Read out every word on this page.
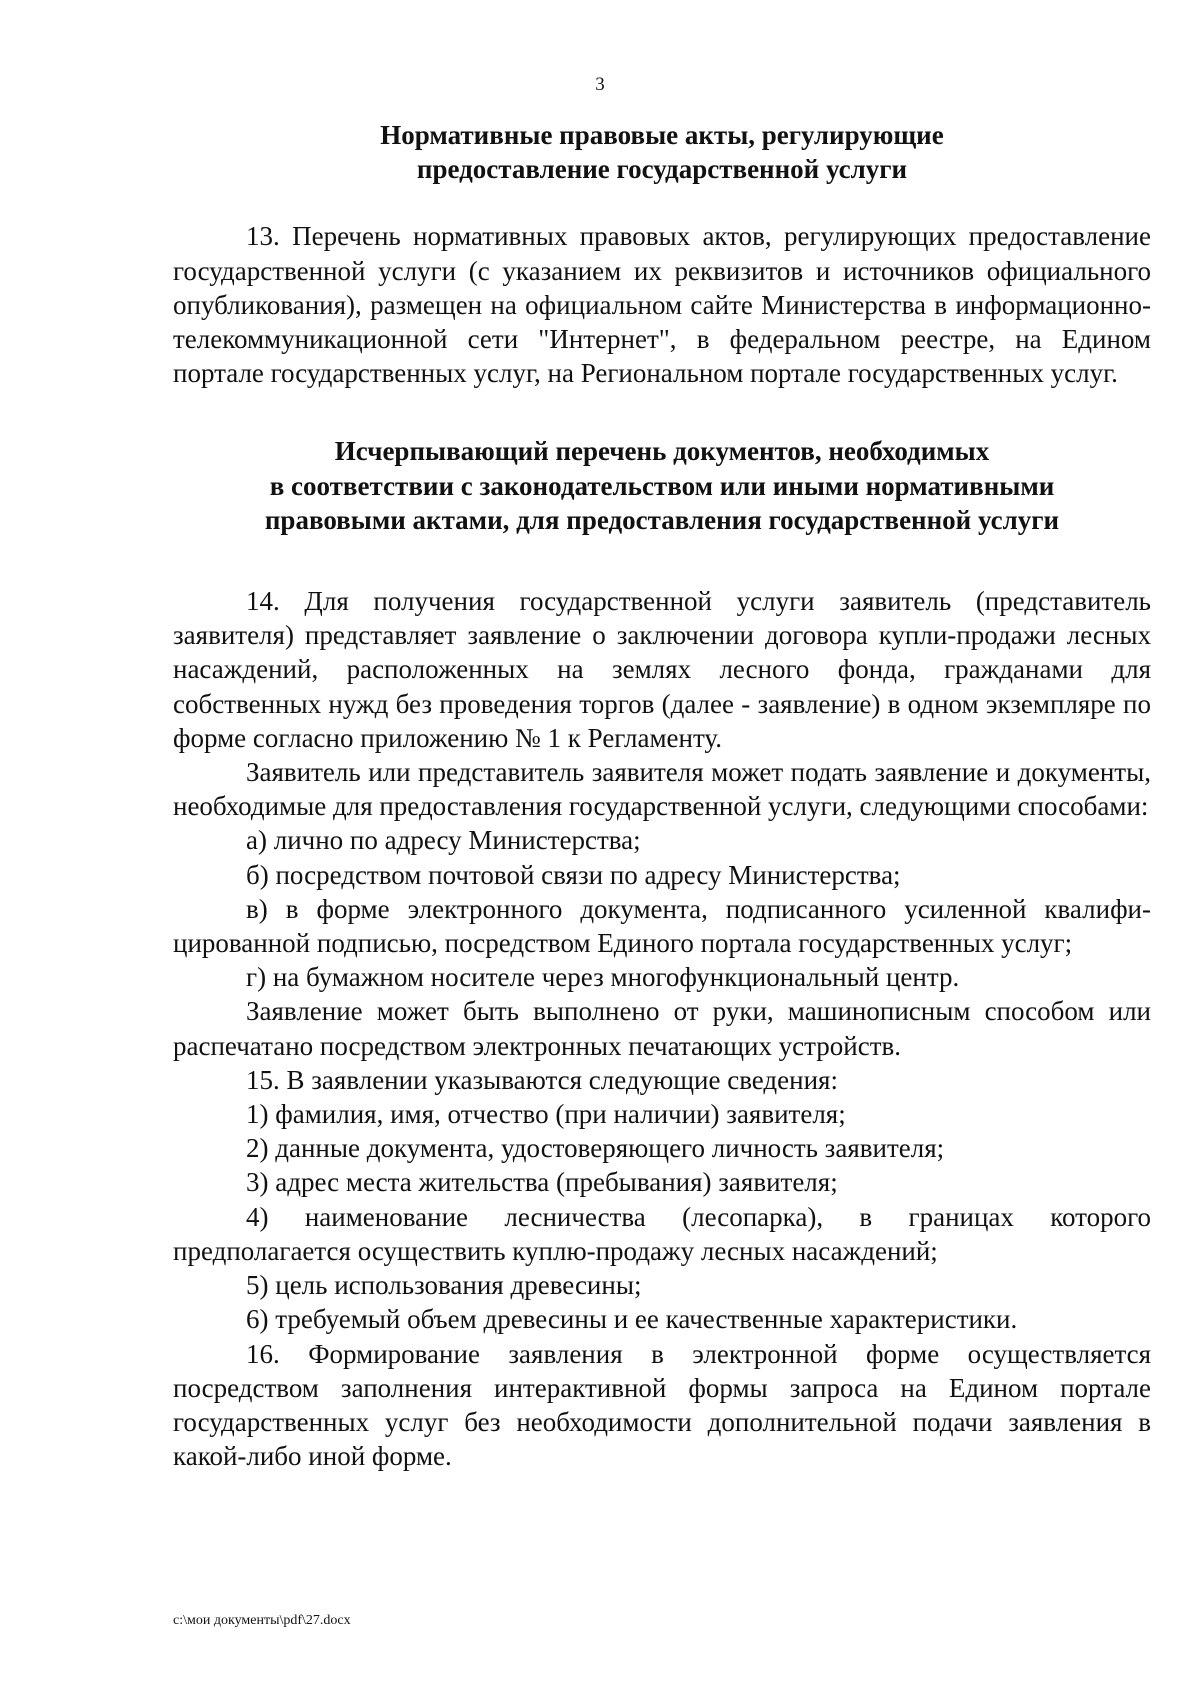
3
Нормативные правовые акты, регулирующие
предоставление государственной услуги

13. Перечень нормативных правовых актов, регулирующих предоставление государственной услуги (с указанием их реквизитов и источников официального опубликования), размещен на официальном сайте Министерства в информационно-телекоммуникационной сети "Интернет", в федеральном реестре, на Едином портале государственных услуг, на Региональном портале государственных услуг.

Исчерпывающий перечень документов, необходимых
в соответствии с законодательством или иными нормативными
правовыми актами, для предоставления государственной услуги

14. Для получения государственной услуги заявитель (представитель заявителя) представляет заявление о заключении договора купли-продажи лесных насаждений, расположенных на землях лесного фонда, гражданами для собственных нужд без проведения торгов (далее - заявление) в одном экземпляре по форме согласно приложению № 1 к Регламенту.

Заявитель или представитель заявителя может подать заявление и документы, необходимые для предоставления государственной услуги, следующими способами:

а) лично по адресу Министерства;

б) посредством почтовой связи по адресу Министерства;

в) в форме электронного документа, подписанного усиленной квалифи-цированной подписью, посредством Единого портала государственных услуг;

г) на бумажном носителе через многофункциональный центр.

Заявление может быть выполнено от руки, машинописным способом или распечатано посредством электронных печатающих устройств.

15. В заявлении указываются следующие сведения:

1) фамилия, имя, отчество (при наличии) заявителя;

2) данные документа, удостоверяющего личность заявителя;

3) адрес места жительства (пребывания) заявителя;

4) наименование лесничества (лесопарка), в границах которого предполагается осуществить куплю-продажу лесных насаждений;

5) цель использования древесины;

6) требуемый объем древесины и ее качественные характеристики.

16. Формирование заявления в электронной форме осуществляется посредством заполнения интерактивной формы запроса на Едином портале государственных услуг без необходимости дополнительной подачи заявления в какой-либо иной форме.

c:\мои документы\pdf\27.docx
